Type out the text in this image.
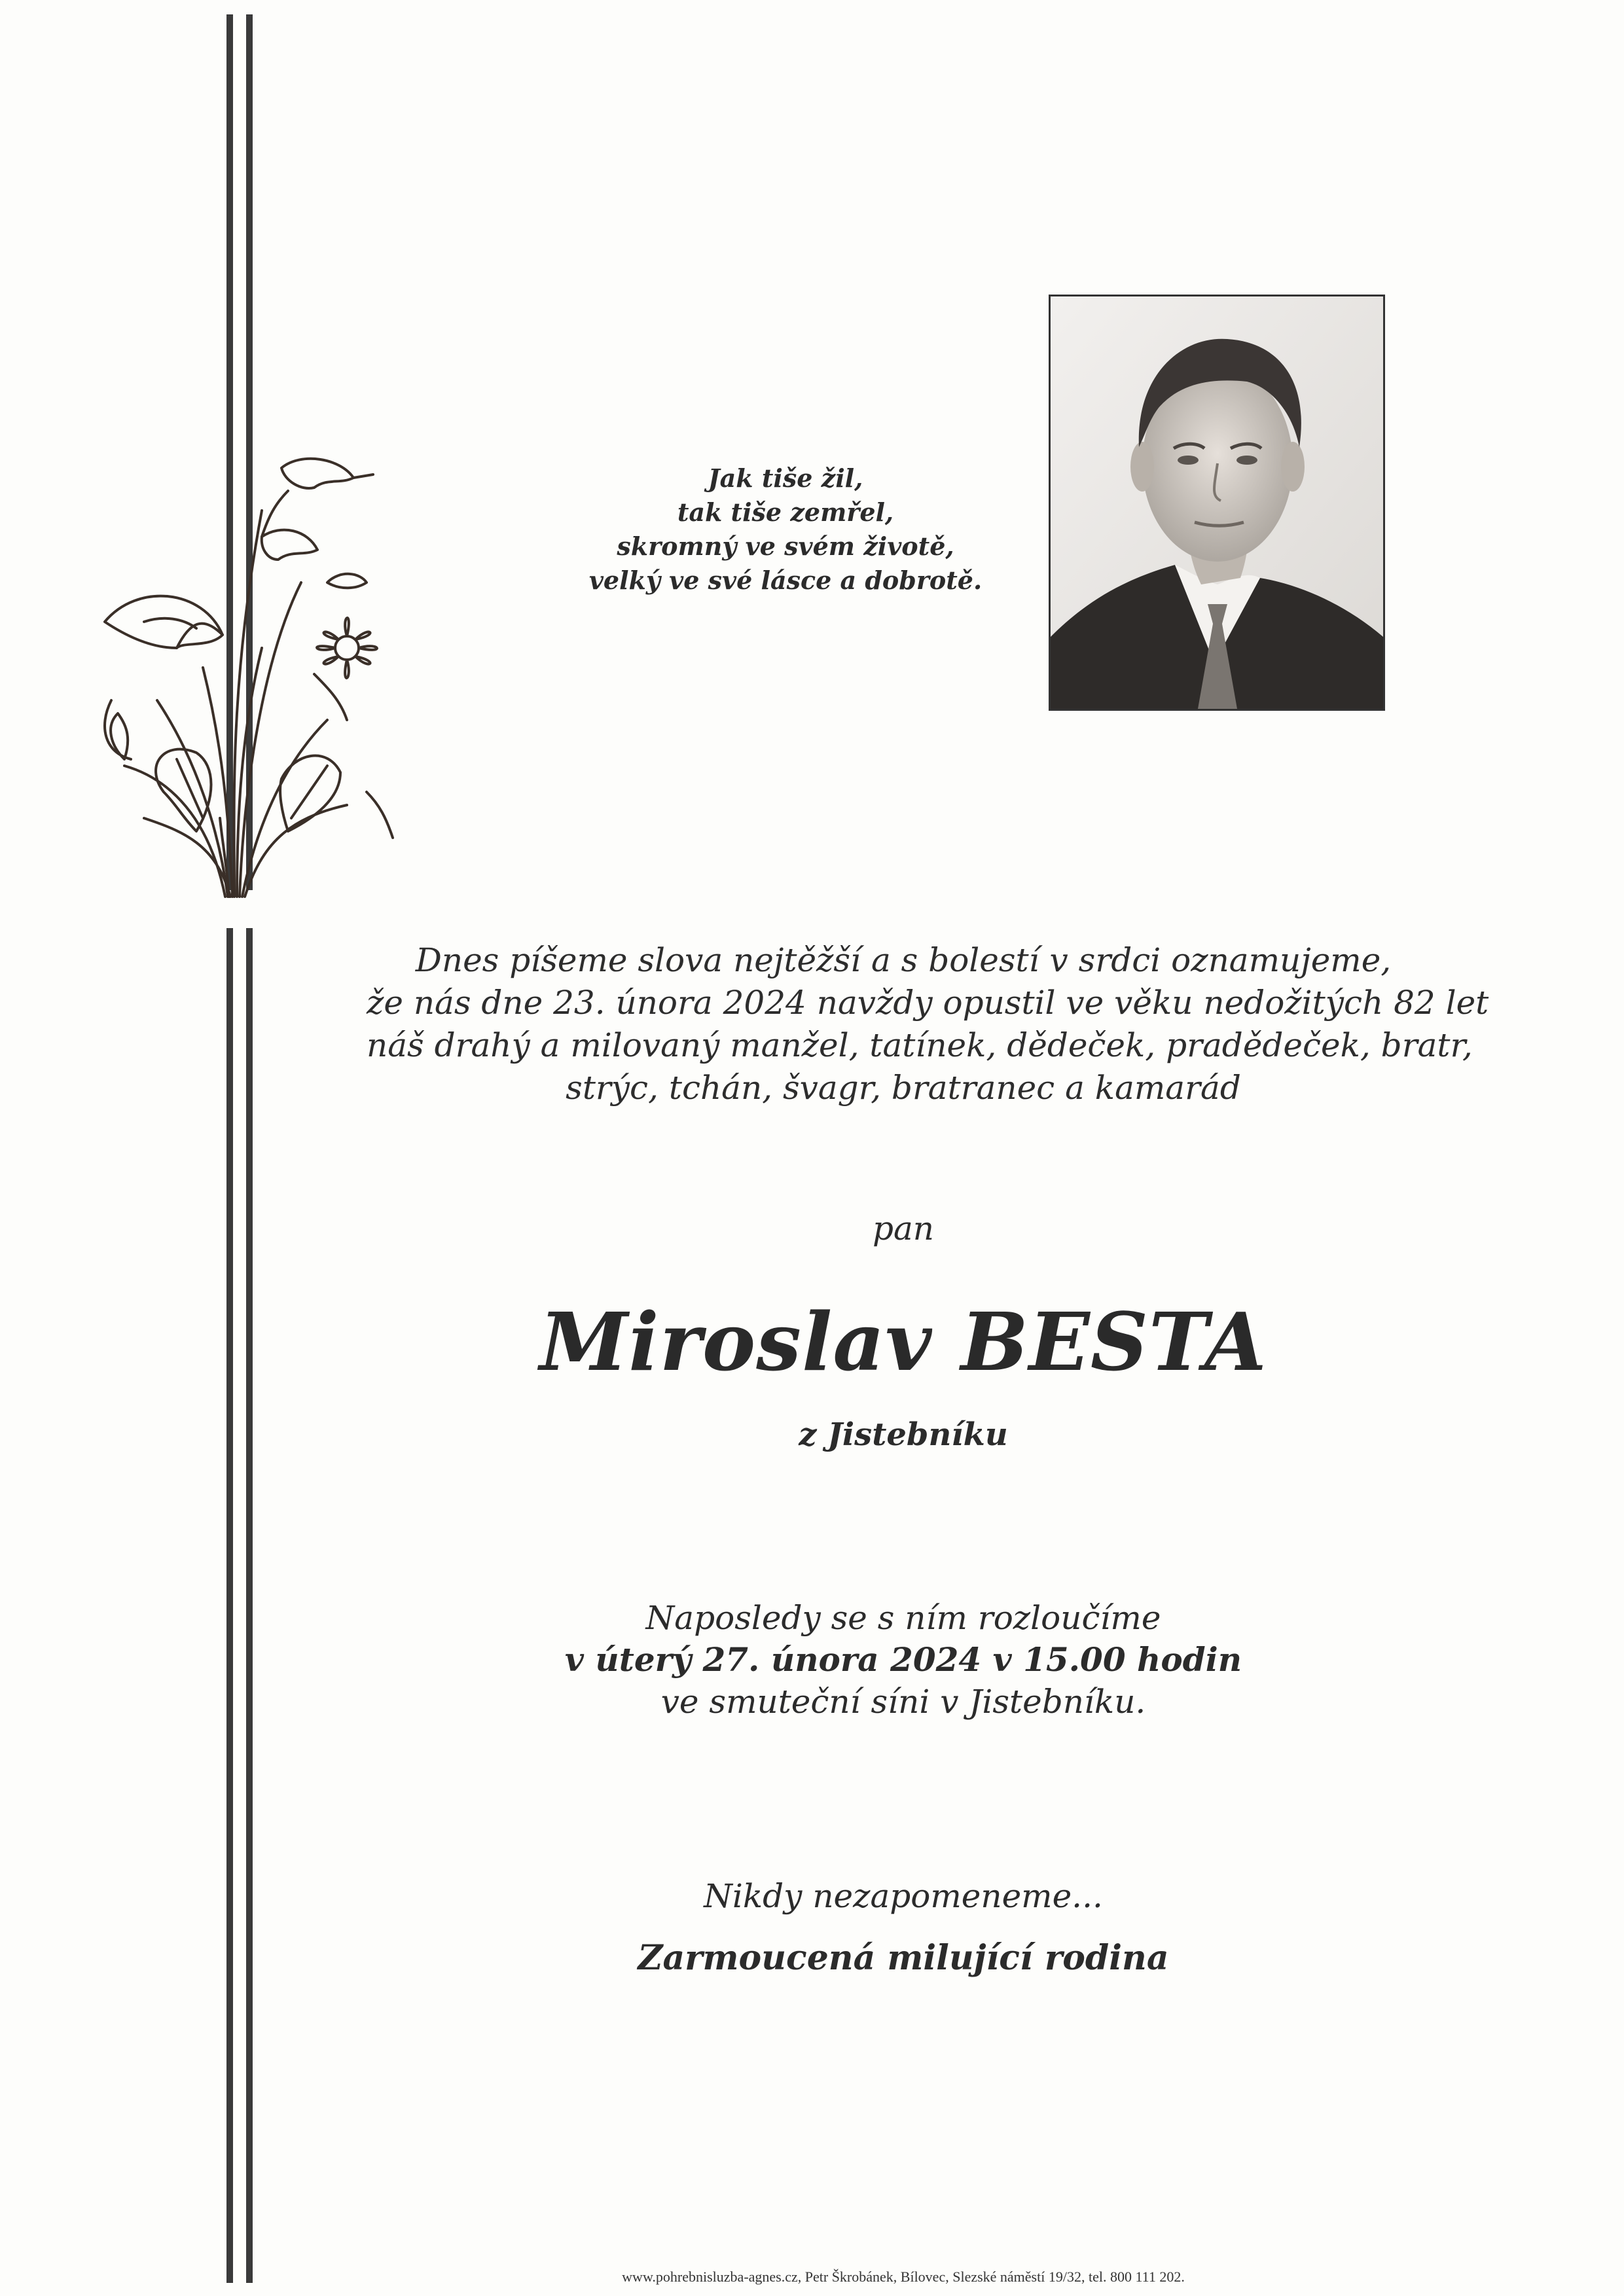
Jak tiše žil,
tak tiše zemřel,
skromný ve svém životě,
velký ve své lásce a dobrotě.
Dnes píšeme slova nejtěžší a s bolestí v srdci oznamujeme,
že nás dne 23. února 2024 navždy opustil ve věku nedožitých 82 let
náš drahý a milovaný manžel, tatínek, dědeček, pradědeček, bratr,
strýc, tchán, švagr, bratranec a kamarád
pan
Miroslav BESTA
z Jistebníku
Naposledy se s ním rozloučíme
v úterý 27. února 2024 v 15.00 hodin
ve smuteční síni v Jistebníku.
Nikdy nezapomeneme...
Zarmoucená milující rodina
www.pohrebnisluzba-agnes.cz, Petr Škrobánek, Bílovec, Slezské náměstí 19/32, tel. 800 111 202.
